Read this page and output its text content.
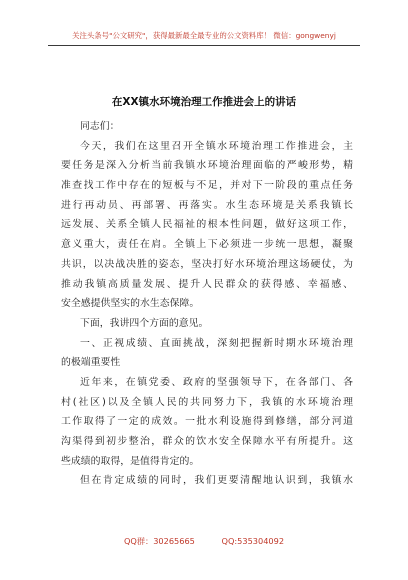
关注头条号"公文研究"，获得最新最全最专业的公文资料库！ 微信：gongwenyj
在XX镇水环境治理工作推进会上的讲话
同志们：
今天，我们在这里召开全镇水环境治理工作推进会，主
要任务是深入分析当前我镇水环境治理面临的严峻形势，精
准查找工作中存在的短板与不足，并对下一阶段的重点任务
进行再动员、再部署、再落实。水生态环境是关系我镇长
远发展、关系全镇人民福祉的根本性问题，做好这项工作，
意义重大，责任在肩。全镇上下必须进一步统一思想，凝聚
共识，以决战决胜的姿态，坚决打好水环境治理这场硬仗，为
推动我镇高质量发展、提升人民群众的获得感、幸福感、
安全感提供坚实的水生态保障。
下面，我讲四个方面的意见。
一、正视成绩、直面挑战，深刻把握新时期水环境治理
的极端重要性
近年来，在镇党委、政府的坚强领导下，在各部门、各
村(社区)以及全镇人民的共同努力下，我镇的水环境治理
工作取得了一定的成效。一批水利设施得到修缮，部分河道
沟渠得到初步整治，群众的饮水安全保障水平有所提升。这
些成绩的取得，是值得肯定的。
但在肯定成绩的同时，我们更要清醒地认识到，我镇水
QQ群：30265665	QQ:535304092
